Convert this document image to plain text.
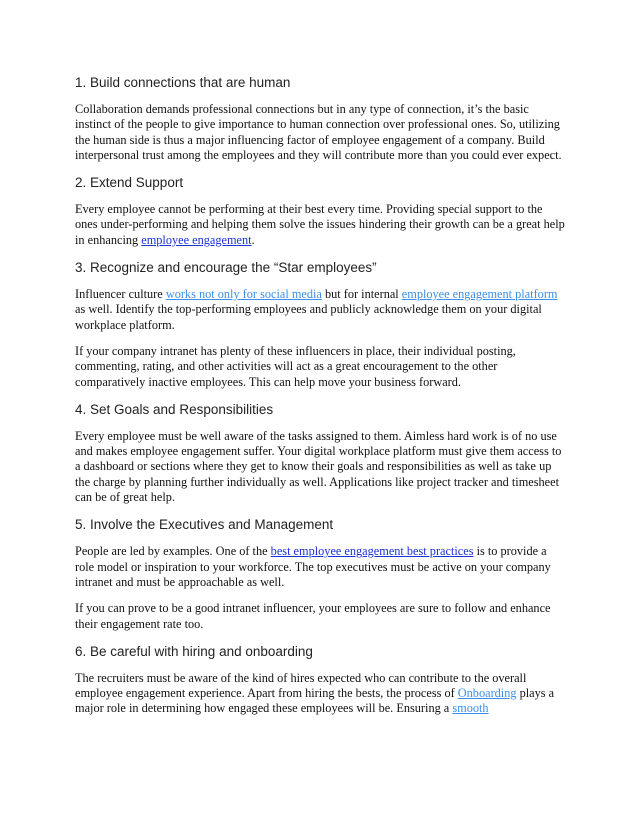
1. Build connections that are human

Collaboration demands professional connections but in any type of connection, it’s the basic instinct of the people to give importance to human connection over professional ones. So, utilizing the human side is thus a major influencing factor of employee engagement of a company. Build interpersonal trust among the employees and they will contribute more than you could ever expect.

2. Extend Support

Every employee cannot be performing at their best every time. Providing special support to the ones under-performing and helping them solve the issues hindering their growth can be a great help in enhancing employee engagement.

3. Recognize and encourage the “Star employees”

Influencer culture works not only for social media but for internal employee engagement platform as well. Identify the top-performing employees and publicly acknowledge them on your digital workplace platform.

If your company intranet has plenty of these influencers in place, their individual posting, commenting, rating, and other activities will act as a great encouragement to the other comparatively inactive employees. This can help move your business forward.

4. Set Goals and Responsibilities

Every employee must be well aware of the tasks assigned to them. Aimless hard work is of no use and makes employee engagement suffer. Your digital workplace platform must give them access to a dashboard or sections where they get to know their goals and responsibilities as well as take up the charge by planning further individually as well. Applications like project tracker and timesheet can be of great help.

5. Involve the Executives and Management

People are led by examples. One of the best employee engagement best practices is to provide a role model or inspiration to your workforce. The top executives must be active on your company intranet and must be approachable as well.

If you can prove to be a good intranet influencer, your employees are sure to follow and enhance their engagement rate too.

6. Be careful with hiring and onboarding

The recruiters must be aware of the kind of hires expected who can contribute to the overall employee engagement experience. Apart from hiring the bests, the process of Onboarding plays a major role in determining how engaged these employees will be. Ensuring a smooth
